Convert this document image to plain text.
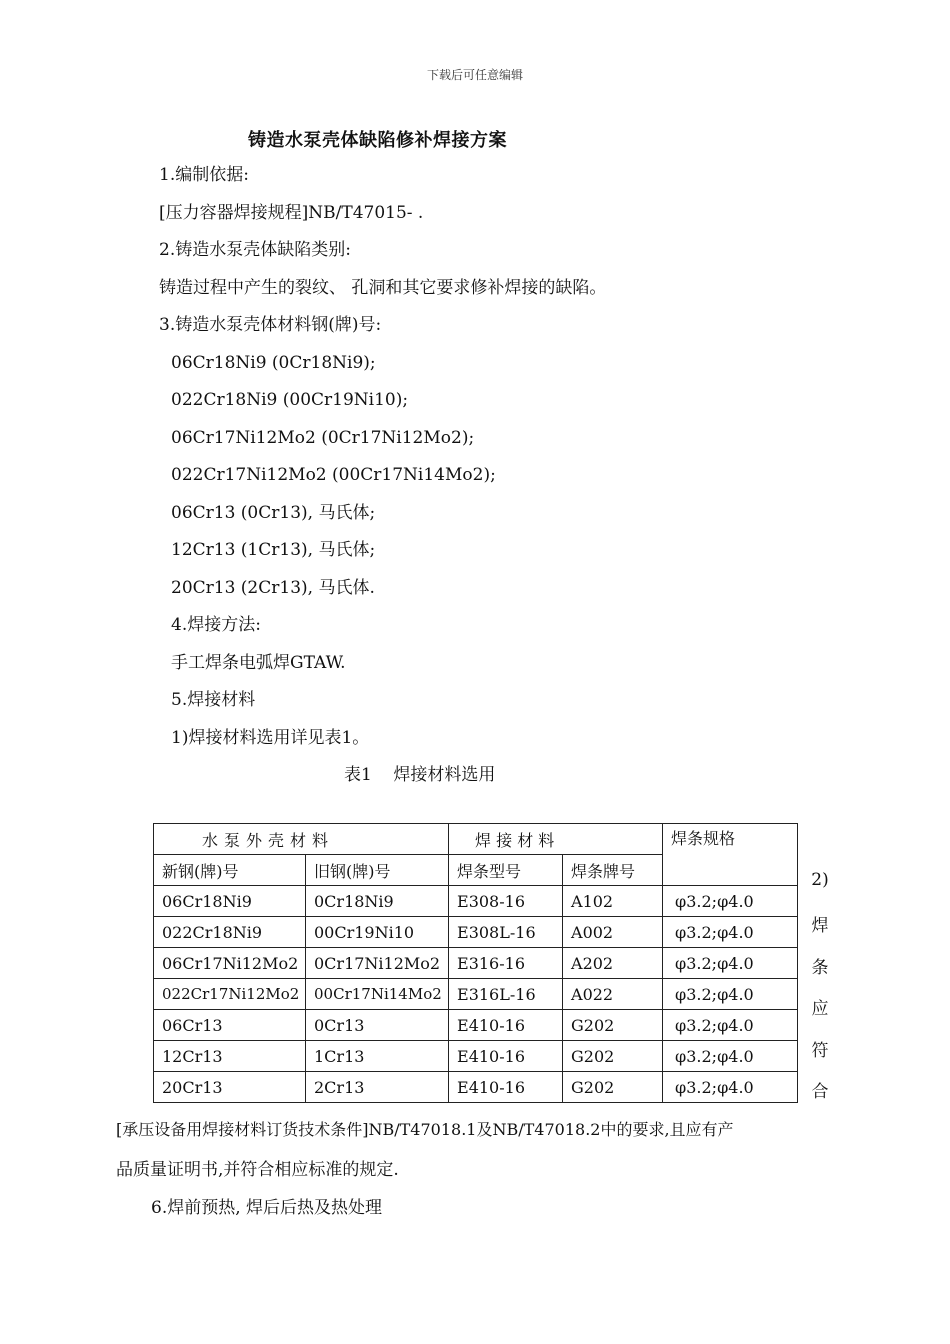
下载后可任意编辑
铸造水泵壳体缺陷修补焊接方案
1.编制依据:
[压力容器焊接规程]NB/T47015- .
2.铸造水泵壳体缺陷类别:
铸造过程中产生的裂纹、 孔洞和其它要求修补焊接的缺陷。
3.铸造水泵壳体材料钢(牌)号:
06Cr18Ni9 (0Cr18Ni9);
022Cr18Ni9 (00Cr19Ni10);
06Cr17Ni12Mo2 (0Cr17Ni12Mo2);
022Cr17Ni12Mo2 (00Cr17Ni14Mo2);
06Cr13 (0Cr13), 马氏体;
12Cr13 (1Cr13), 马氏体;
20Cr13 (2Cr13), 马氏体.
4.焊接方法:
手工焊条电弧焊GTAW.
5.焊接材料
1)焊接材料选用详见表1。
表1    焊接材料选用
水泵外壳材料		焊 接 材 料		焊条规格
新钢(牌)号	旧钢(牌)号	焊条型号	焊条牌号	
06Cr18Ni9	0Cr18Ni9	E308-16	A102	φ3.2;φ4.0
022Cr18Ni9	00Cr19Ni10	E308L-16	A002	φ3.2;φ4.0
06Cr17Ni12Mo2	0Cr17Ni12Mo2	E316-16	A202	φ3.2;φ4.0
022Cr17Ni12Mo2	00Cr17Ni14Mo2	E316L-16	A022	φ3.2;φ4.0
06Cr13	0Cr13	E410-16	G202	φ3.2;φ4.0
12Cr13	1Cr13	E410-16	G202	φ3.2;φ4.0
20Cr13	2Cr13	E410-16	G202	φ3.2;φ4.0
2)
焊
条
应
符
合
[承压设备用焊接材料订货技术条件]NB/T47018.1及NB/T47018.2中的要求,且应有产
品质量证明书,并符合相应标准的规定.
6.焊前预热, 焊后后热及热处理
